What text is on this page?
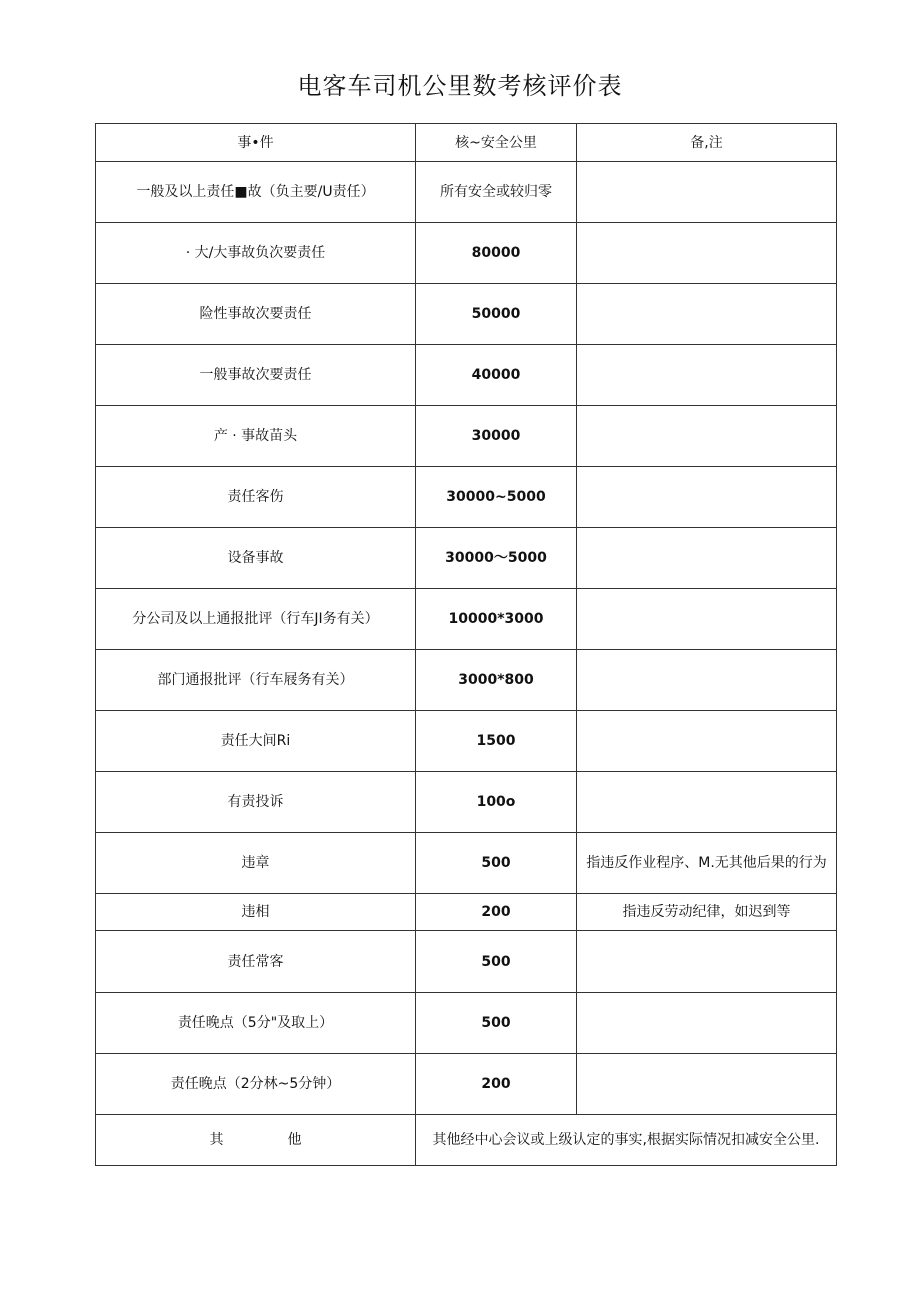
电客车司机公里数考核评价表
事•件	核~安全公里	备,注
一般及以上责任■故（负主要/U责任）	所有安全或较归零	
· 大/大事故负次要责任	80000	
险性事故次要责任	50000	
一般事故次要责任	40000	
产 · 事故苗头	30000	
责任客伤	30000~5000	
设备事故	30000〜5000	
分公司及以上通报批评（行车JI务有关）	10000*3000	
部门通报批评（行车屐务有关）	3000*800	
责任大间Ri	1500	
有责投诉	100o	
违章	500	指违反作业程序、M.无其他后果的行为
违相	200	指违反劳动纪律，如迟到等
责任常客	500	
责任晚点（5分"及取上）	500	
责任晚点（2分林~5分钟）	200	
其 他	其他经中心会议或上级认定的事实,根据实际情况扣减安全公里.	
